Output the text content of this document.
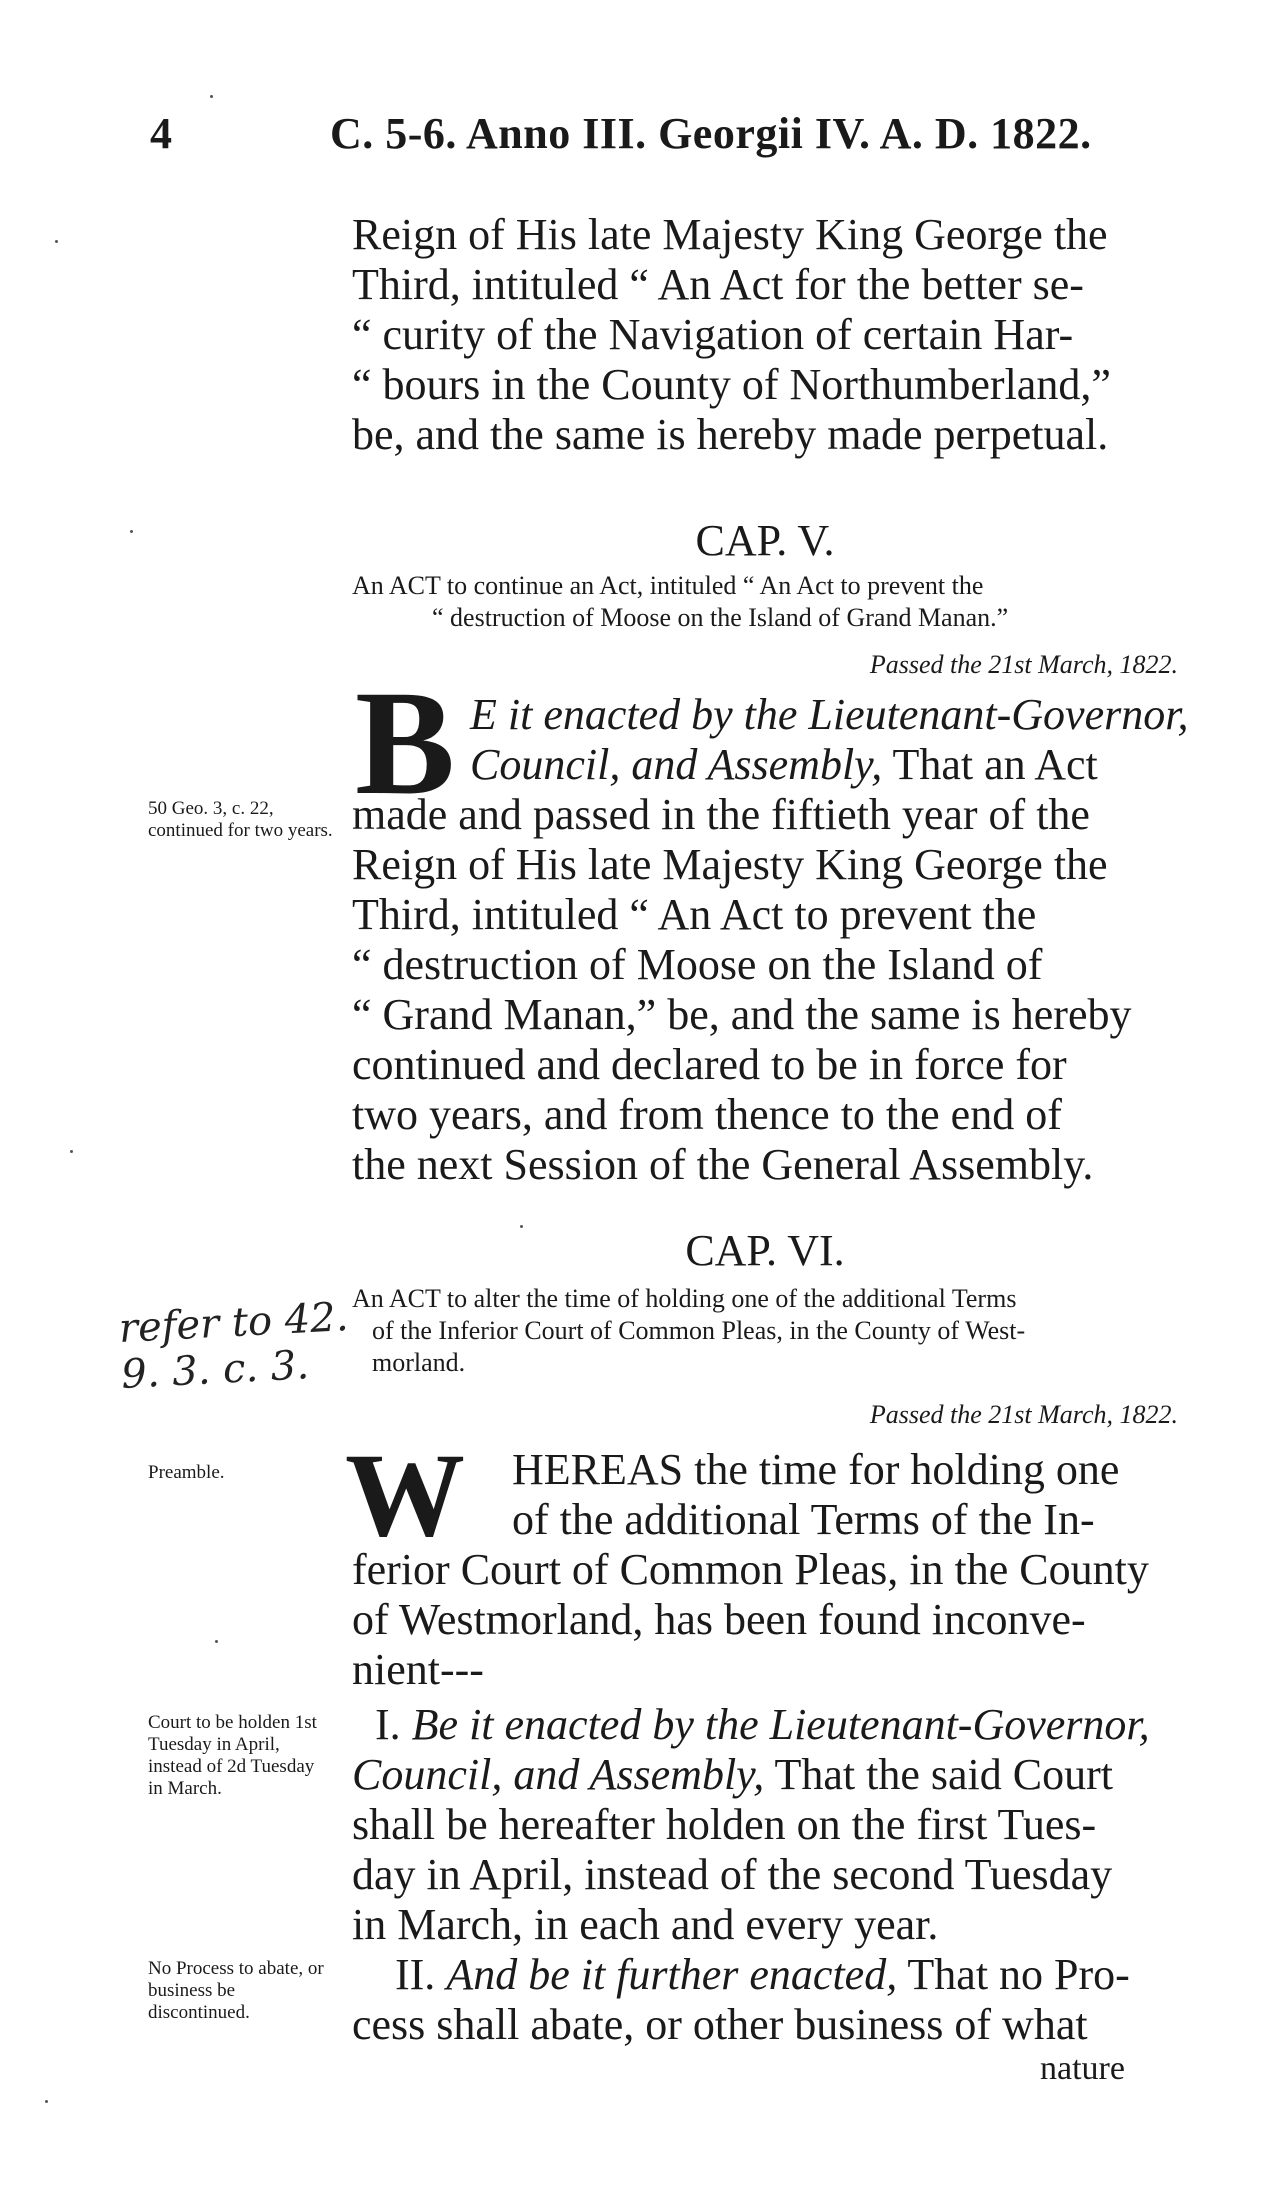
4	C. 5-6. Anno III. Georgii IV. A. D. 1822.
Reign of His late Majesty King George the
Third, intituled “ An Act for the better se-
“ curity of the Navigation of certain Har-
“ bours in the County of Northumberland,”
be, and the same is hereby made perpetual.
CAP. V.
An ACT to continue an Act, intituled “ An Act to prevent the
“ destruction of Moose on the Island of Grand Manan.”
Passed the 21st March, 1822.
B E it enacted by the Lieutenant-Governor,
Council, and Assembly, That an Act
made and passed in the fiftieth year of the
Reign of His late Majesty King George the
Third, intituled “ An Act to prevent the
“ destruction of Moose on the Island of
“ Grand Manan,” be, and the same is hereby
continued and declared to be in force for
two years, and from thence to the end of
the next Session of the General Assembly.
50 Geo. 3, c. 22, continued for two years.
CAP. VI.
An ACT to alter the time of holding one of the additional Terms
of the Inferior Court of Common Pleas, in the County of West-
morland.
refer to 42.
9. 3. c. 3.
Passed the 21st March, 1822.
Preamble.	W HEREAS the time for holding one
of the additional Terms of the In-
ferior Court of Common Pleas, in the County
of Westmorland, has been found inconve-
nient---
Court to be holden 1st Tuesday in April, instead of 2d Tuesday in March.
I. Be it enacted by the Lieutenant-Governor,
Council, and Assembly, That the said Court
shall be hereafter holden on the first Tues-
day in April, instead of the second Tuesday
in March, in each and every year.
No Process to abate, or business be discontinued.
II. And be it further enacted, That no Pro-
cess shall abate, or other business of what
nature
